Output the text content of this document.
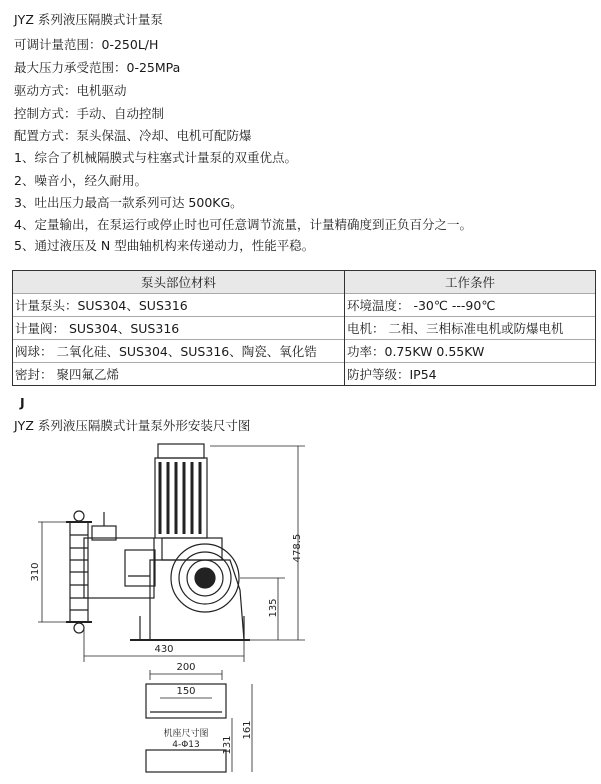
JYZ 系列液压隔膜式计量泵
可调计量范围：0-250L/H
最大压力承受范围：0-25MPa
驱动方式：电机驱动
控制方式：手动、自动控制
配置方式：泵头保温、冷却、电机可配防爆
1、综合了机械隔膜式与柱塞式计量泵的双重优点。
2、噪音小，经久耐用。
3、吐出压力最高一款系列可达 500KG。
4、定量输出，在泵运行或停止时也可任意调节流量，计量精确度到正负百分之一。
5、通过液压及 N 型曲轴机构来传递动力，性能平稳。
泵头部位材料	工作条件
计量泵头：SUS304、SUS316	环境温度： -30℃ ---90℃
计量阀： SUS304、SUS316	电机： 二相、三相标准电机或防爆电机
阀球： 二氧化硅、SUS304、SUS316、陶瓷、氧化锆	功率：0.75KW 0.55KW
密封： 聚四氟乙烯	防护等级：IP54
J
JYZ 系列液压隔膜式计量泵外形安装尺寸图
478.5
135
310
430
200
150
131
161
机座尺寸图
4-Φ13
